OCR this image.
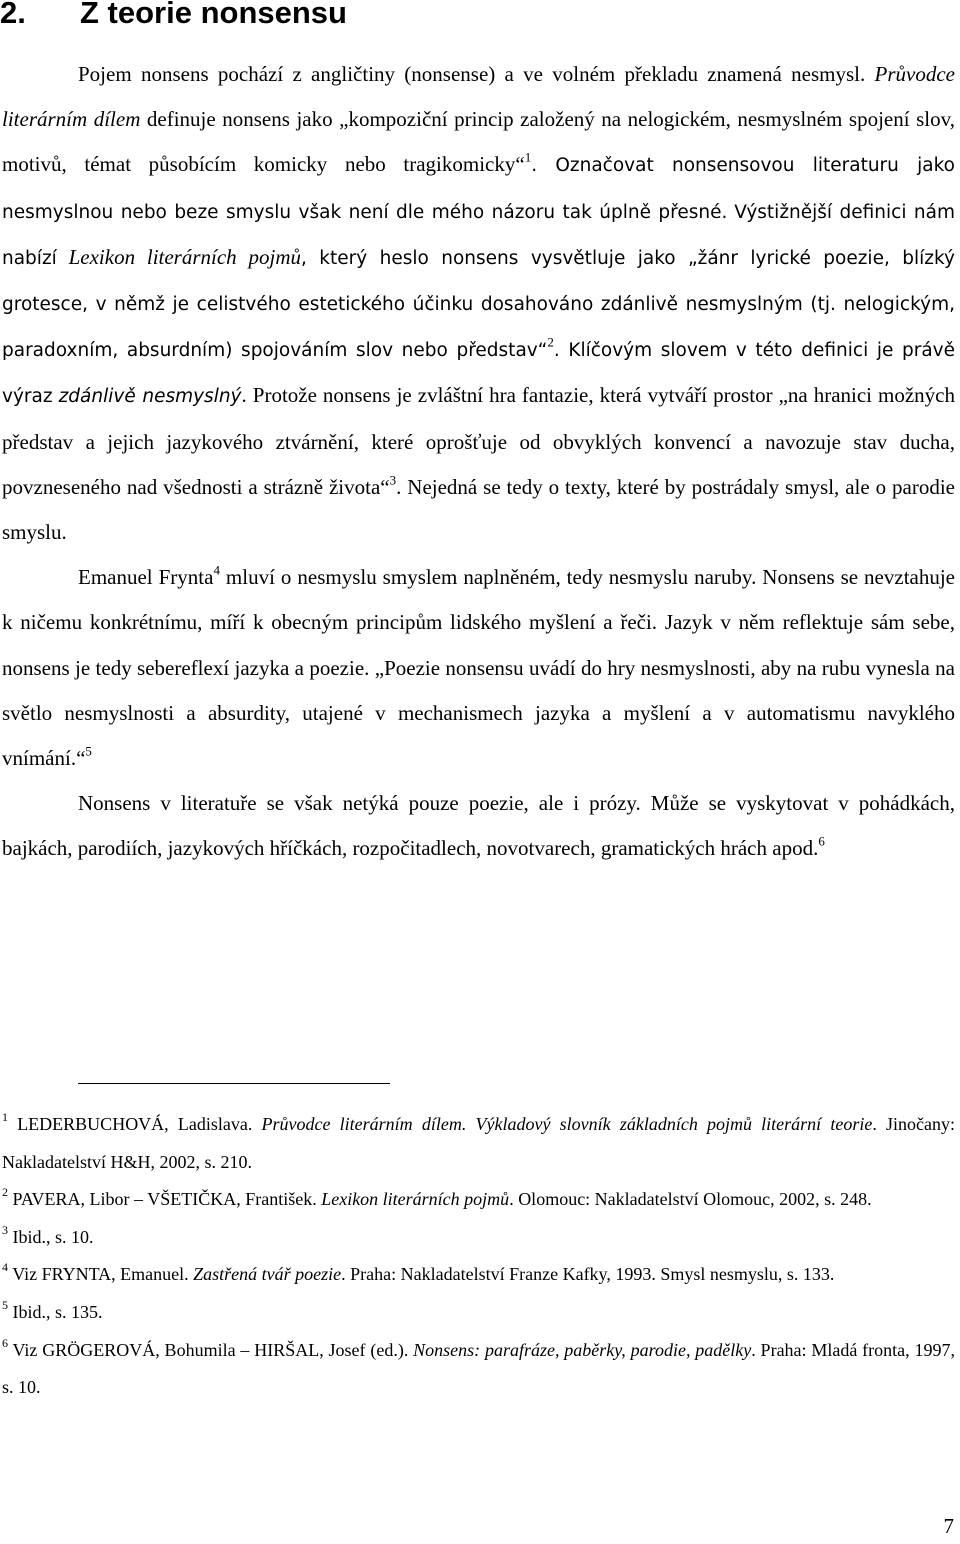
2. Z teorie nonsensu

Pojem nonsens pochází z angličtiny (nonsense) a ve volném překladu znamená nesmysl. Průvodce literárním dílem definuje nonsens jako „kompoziční princip založený na nelogickém, nesmyslném spojení slov, motivů, témat působícím komicky nebo tragikomicky“$^1$. Označovat nonsensovou literaturu jako nesmyslnou nebo beze smyslu však není dle mého názoru tak úplně přesné. Výstižnější definici nám nabízí Lexikon literárních pojmů, který heslo nonsens vysvětluje jako „žánr lyrické poezie, blízký grotesce, v němž je celistvého estetického účinku dosahováno zdánlivě nesmyslným (tj. nelogickým, paradoxním, absurdním) spojováním slov nebo představ“$^2$. Klíčovým slovem v této definici je právě výraz zdánlivě nesmyslný. Protože nonsens je zvláštní hra fantazie, která vytváří prostor „na hranici možných představ a jejich jazykového ztvárnění, které oprošťuje od obvyklých konvencí a navozuje stav ducha, povzneseného nad všednosti a strázně života“$^3$. Nejedná se tedy o texty, které by postrádaly smysl, ale o parodie smyslu.

Emanuel Frynta$^4$ mluví o nesmyslu smyslem naplněném, tedy nesmyslu naruby. Nonsens se nevztahuje k ničemu konkrétnímu, míří k obecným principům lidského myšlení a řeči. Jazyk v něm reflektuje sám sebe, nonsens je tedy sebereflexí jazyka a poezie. „Poezie nonsensu uvádí do hry nesmyslnosti, aby na rubu vynesla na světlo nesmyslnosti a absurdity, utajené v mechanismech jazyka a myšlení a v automatismu navyklého vnímání.“$^5$

Nonsens v literatuře se však netýká pouze poezie, ale i prózy. Může se vyskytovat v pohádkách, bajkách, parodiích, jazykových hříčkách, rozpočitadlech, novotvarech, gramatických hrách apod.$^6$

$^1$ LEDERBUCHOVÁ, Ladislava. Průvodce literárním dílem. Výkladový slovník základních pojmů literární teorie. Jinočany: Nakladatelství H&H, 2002, s. 210.

$^2$ PAVERA, Libor – VŠETIČKA, František. Lexikon literárních pojmů. Olomouc: Nakladatelství Olomouc, 2002, s. 248.

$^3$ Ibid., s. 10.

$^4$ Viz FRYNTA, Emanuel. Zastřená tvář poezie. Praha: Nakladatelství Franze Kafky, 1993. Smysl nesmyslu, s. 133.

$^5$ Ibid., s. 135.

$^6$ Viz GRÖGEROVÁ, Bohumila – HIRŠAL, Josef (ed.). Nonsens: parafráze, paběrky, parodie, padělky. Praha: Mladá fronta, 1997, s. 10.

7
